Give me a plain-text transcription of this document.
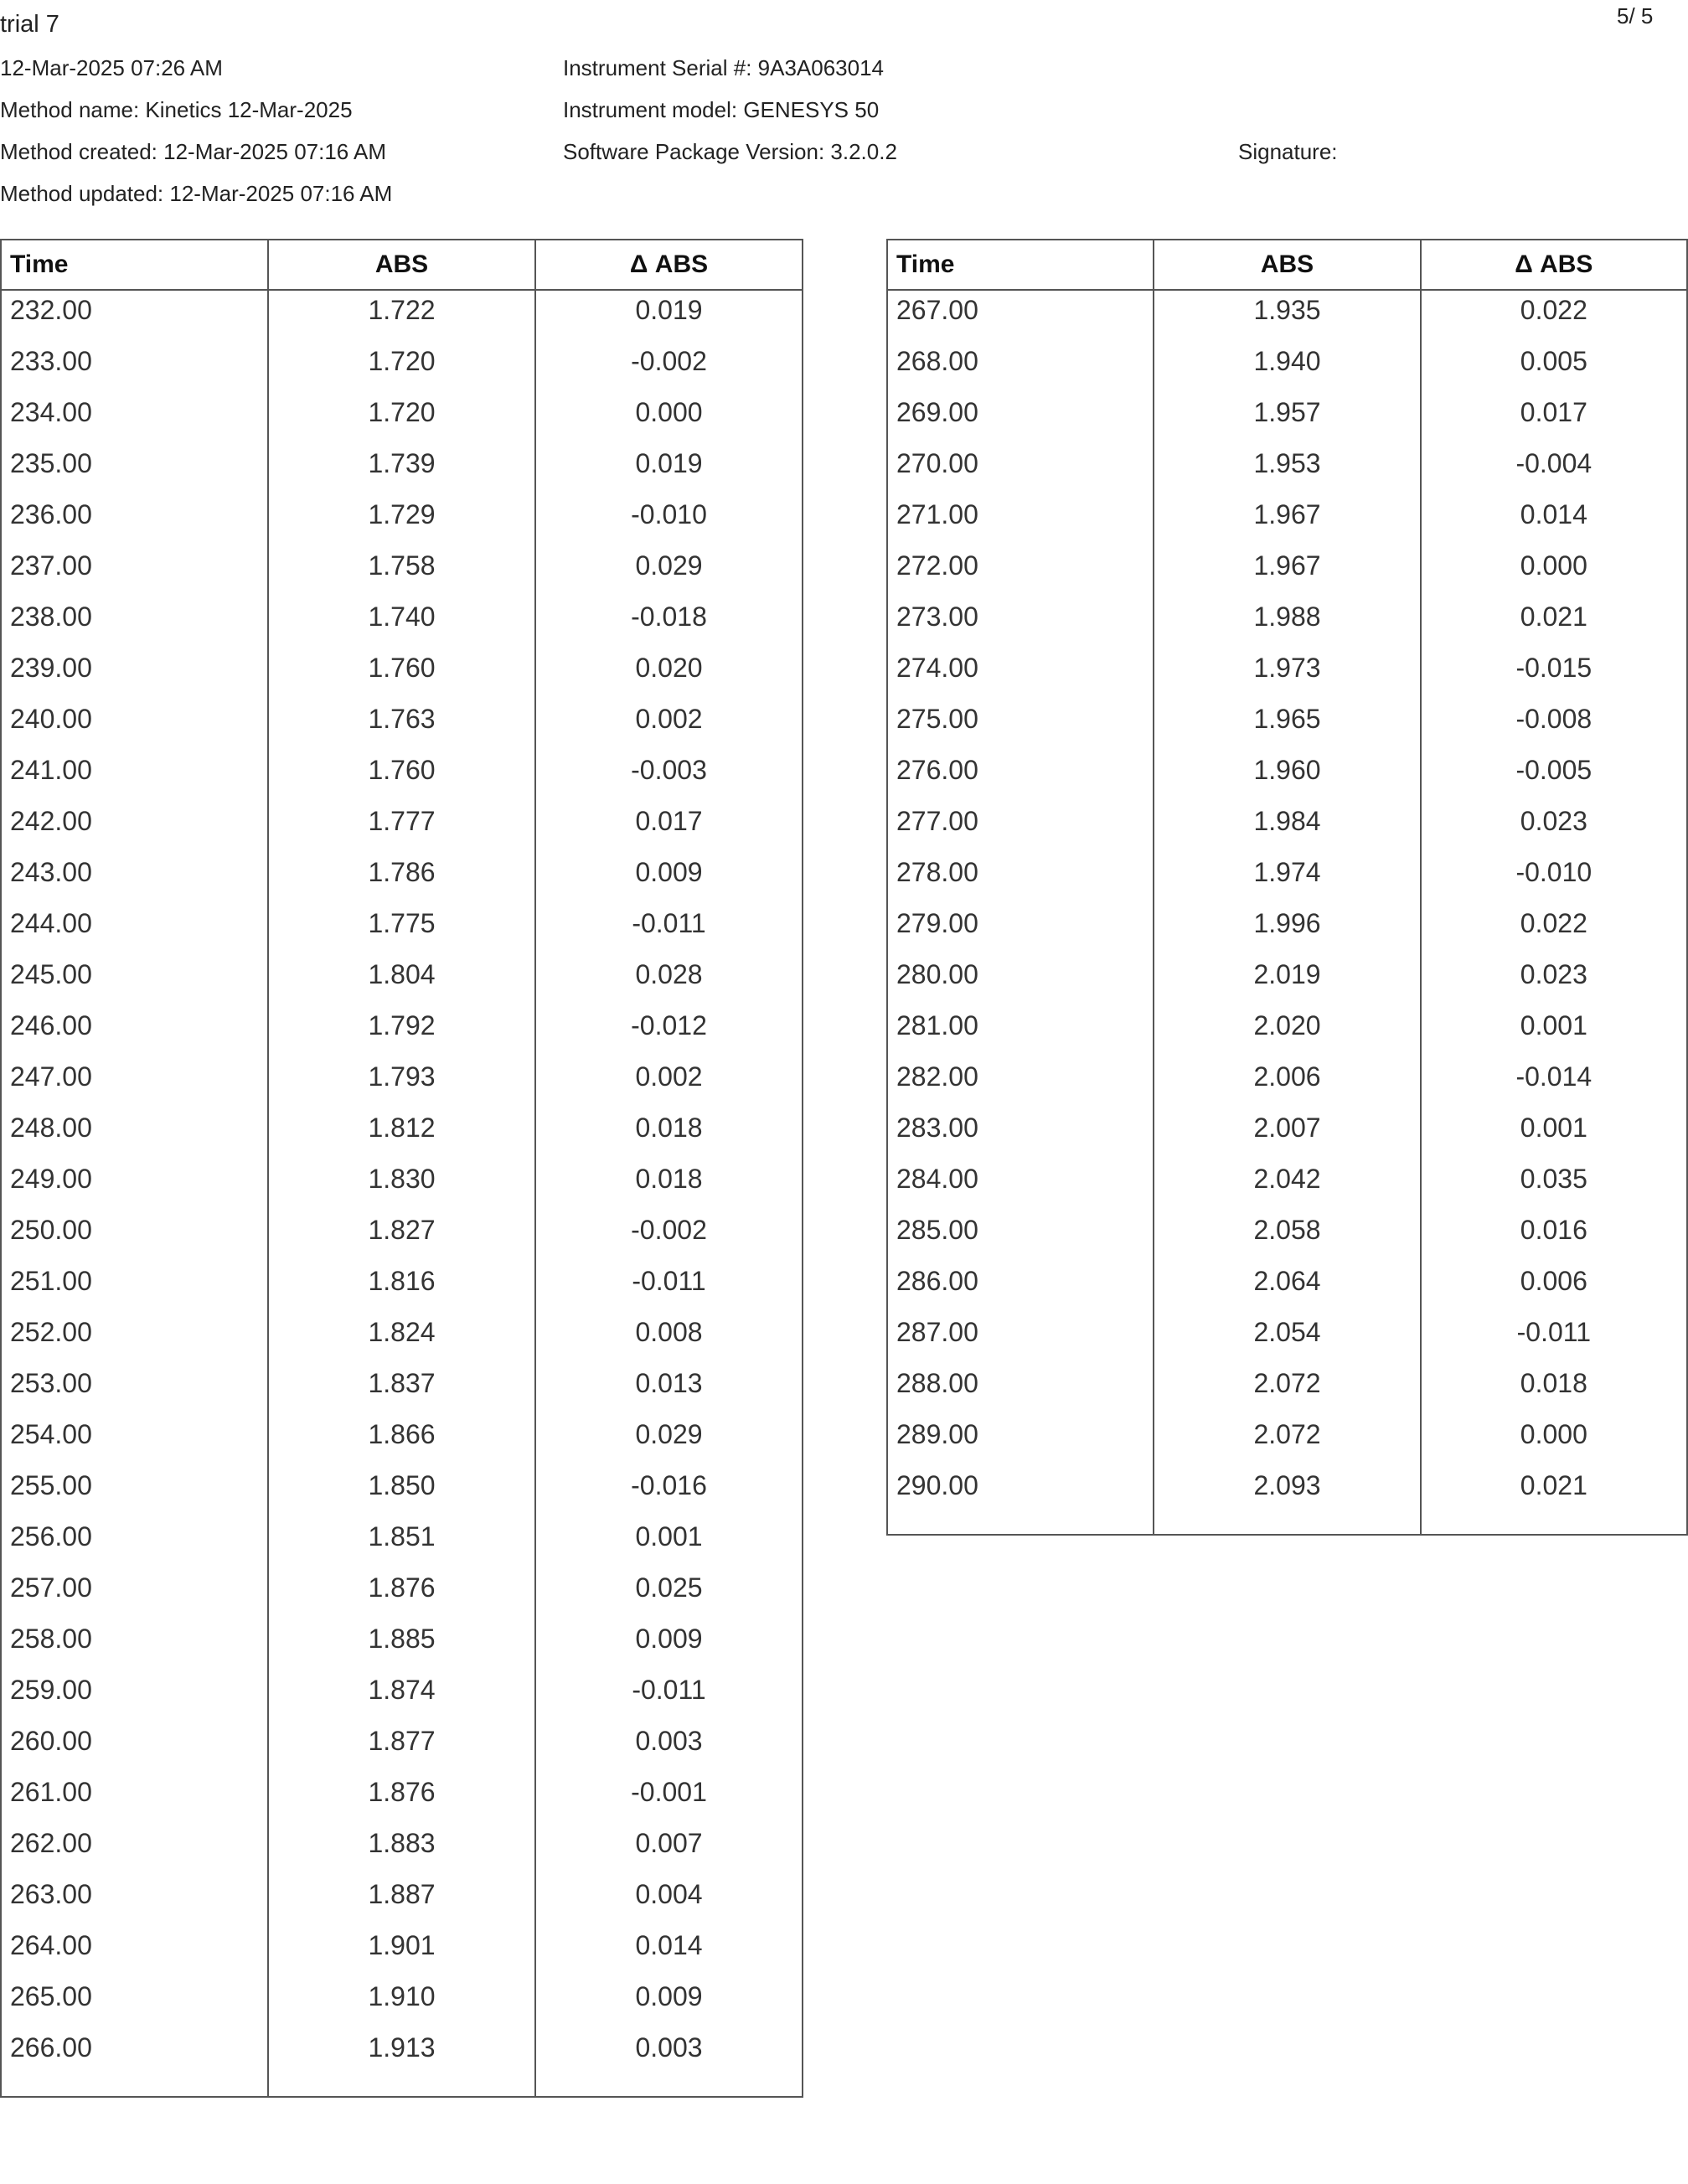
trial 7	5/ 5
12-Mar-2025 07:26 AM
Method name: Kinetics 12-Mar-2025
Method created: 12-Mar-2025 07:16 AM
Method updated: 12-Mar-2025 07:16 AM
Instrument Serial #: 9A3A063014
Instrument model: GENESYS 50
Software Package Version: 3.2.0.2	Signature:
Time	ABS	Δ ABS
232.00	1.722	0.019
233.00	1.720	-0.002
234.00	1.720	0.000
235.00	1.739	0.019
236.00	1.729	-0.010
237.00	1.758	0.029
238.00	1.740	-0.018
239.00	1.760	0.020
240.00	1.763	0.002
241.00	1.760	-0.003
242.00	1.777	0.017
243.00	1.786	0.009
244.00	1.775	-0.011
245.00	1.804	0.028
246.00	1.792	-0.012
247.00	1.793	0.002
248.00	1.812	0.018
249.00	1.830	0.018
250.00	1.827	-0.002
251.00	1.816	-0.011
252.00	1.824	0.008
253.00	1.837	0.013
254.00	1.866	0.029
255.00	1.850	-0.016
256.00	1.851	0.001
257.00	1.876	0.025
258.00	1.885	0.009
259.00	1.874	-0.011
260.00	1.877	0.003
261.00	1.876	-0.001
262.00	1.883	0.007
263.00	1.887	0.004
264.00	1.901	0.014
265.00	1.910	0.009
266.00	1.913	0.003

Time	ABS	Δ ABS
267.00	1.935	0.022
268.00	1.940	0.005
269.00	1.957	0.017
270.00	1.953	-0.004
271.00	1.967	0.014
272.00	1.967	0.000
273.00	1.988	0.021
274.00	1.973	-0.015
275.00	1.965	-0.008
276.00	1.960	-0.005
277.00	1.984	0.023
278.00	1.974	-0.010
279.00	1.996	0.022
280.00	2.019	0.023
281.00	2.020	0.001
282.00	2.006	-0.014
283.00	2.007	0.001
284.00	2.042	0.035
285.00	2.058	0.016
286.00	2.064	0.006
287.00	2.054	-0.011
288.00	2.072	0.018
289.00	2.072	0.000
290.00	2.093	0.021
